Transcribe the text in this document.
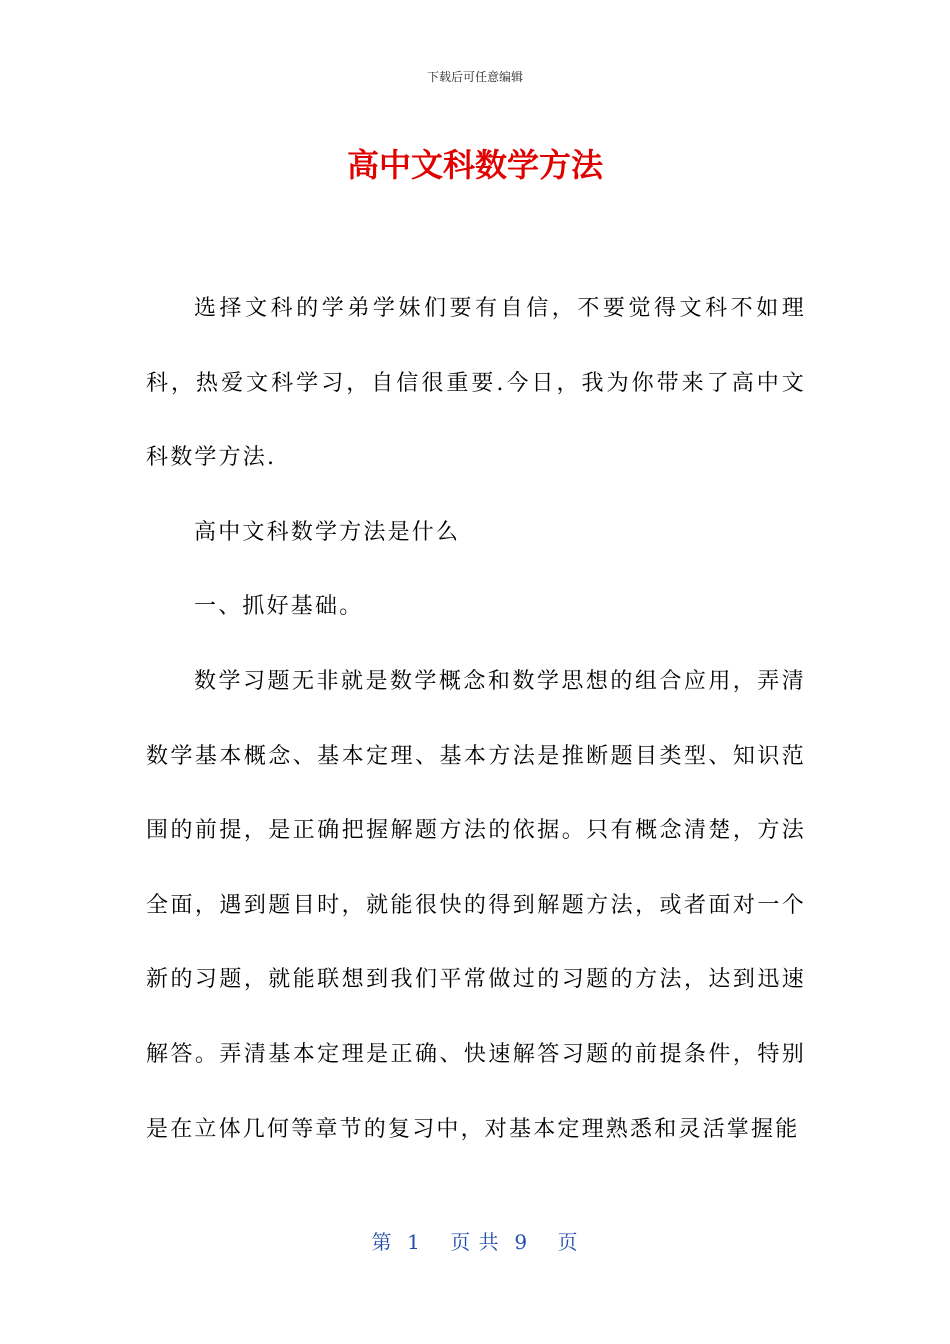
下载后可任意编辑
高中文科数学方法

选择文科的学弟学妹们要有自信，不要觉得文科不如理科，热爱文科学习，自信很重要.今日，我为你带来了高中文科数学方法.

高中文科数学方法是什么

一、抓好基础。

数学习题无非就是数学概念和数学思想的组合应用，弄清数学基本概念、基本定理、基本方法是推断题目类型、知识范围的前提，是正确把握解题方法的依据。只有概念清楚，方法全面，遇到题目时，就能很快的得到解题方法，或者面对一个新的习题，就能联想到我们平常做过的习题的方法，达到迅速解答。弄清基本定理是正确、快速解答习题的前提条件，特别是在立体几何等章节的复习中，对基本定理熟悉和灵活掌握能

第  1    页 共  9    页
